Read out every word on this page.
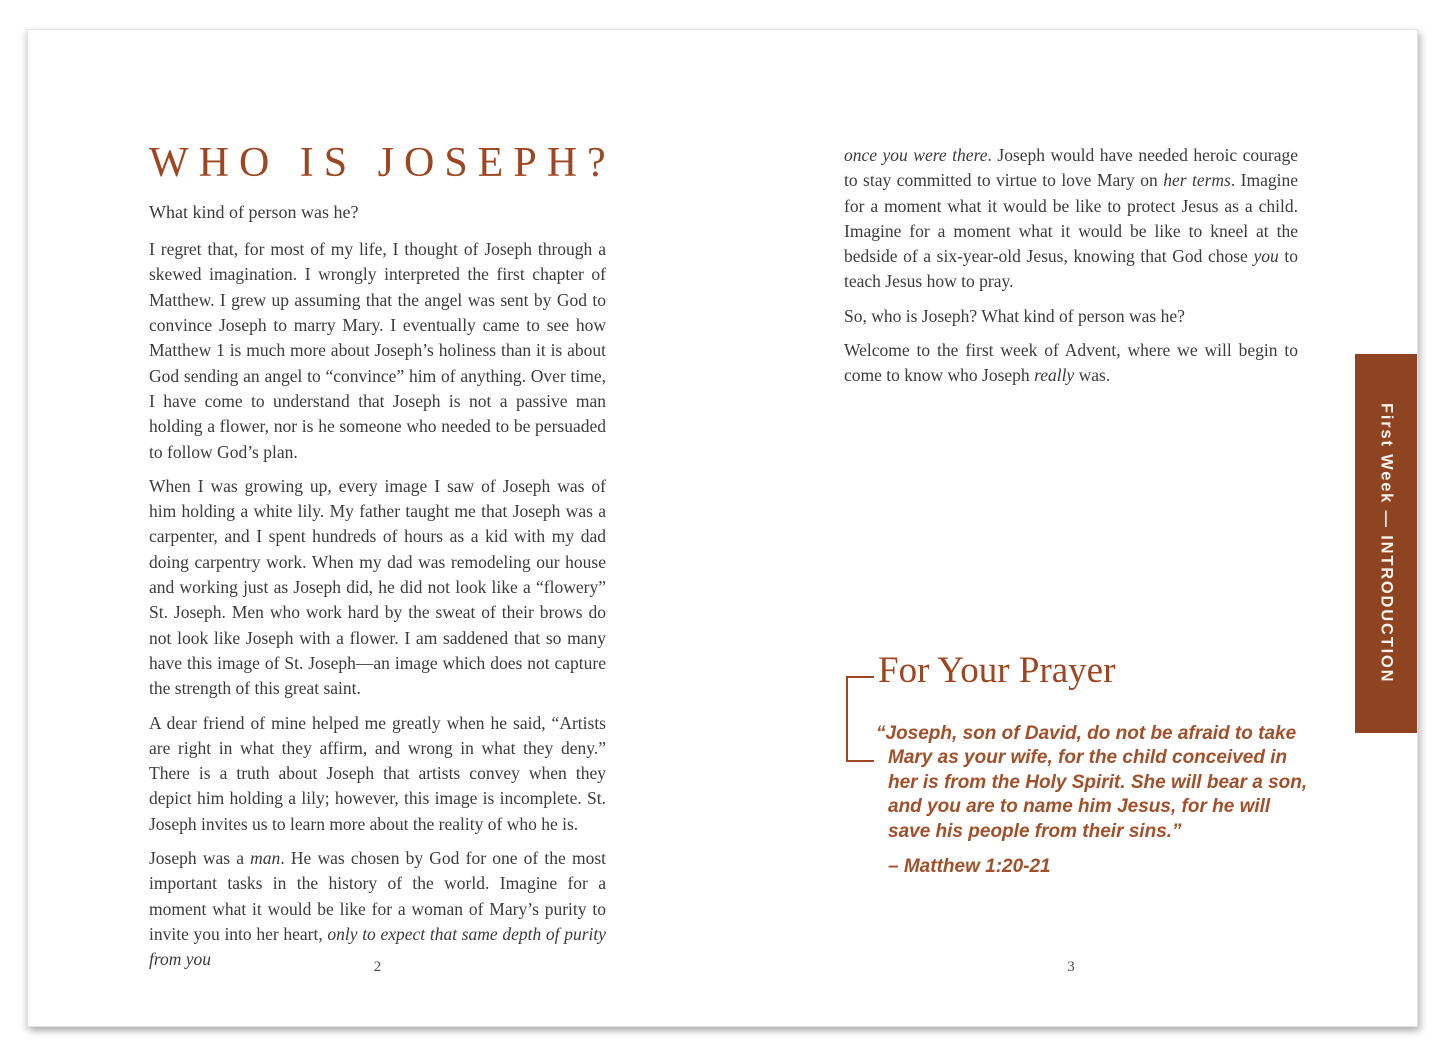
WHO IS JOSEPH?

What kind of person was he?

I regret that, for most of my life, I thought of Joseph through a skewed imagination. I wrongly interpreted the first chapter of Matthew. I grew up assuming that the angel was sent by God to convince Joseph to marry Mary. I eventually came to see how Matthew 1 is much more about Joseph’s holiness than it is about God sending an angel to “convince” him of anything. Over time, I have come to understand that Joseph is not a passive man holding a flower, nor is he someone who needed to be persuaded to follow God’s plan.

When I was growing up, every image I saw of Joseph was of him holding a white lily. My father taught me that Joseph was a carpenter, and I spent hundreds of hours as a kid with my dad doing carpentry work. When my dad was remodeling our house and working just as Joseph did, he did not look like a “flowery” St. Joseph. Men who work hard by the sweat of their brows do not look like Joseph with a flower. I am saddened that so many have this image of St. Joseph—an image which does not capture the strength of this great saint.

A dear friend of mine helped me greatly when he said, “Artists are right in what they affirm, and wrong in what they deny.” There is a truth about Joseph that artists convey when they depict him holding a lily; however, this image is incomplete. St. Joseph invites us to learn more about the reality of who he is.

Joseph was a man. He was chosen by God for one of the most important tasks in the history of the world. Imagine for a moment what it would be like for a woman of Mary’s purity to invite you into her heart, only to expect that same depth of purity from you

once you were there. Joseph would have needed heroic courage to stay committed to virtue to love Mary on her terms. Imagine for a moment what it would be like to protect Jesus as a child. Imagine for a moment what it would be like to kneel at the bedside of a six-year-old Jesus, knowing that God chose you to teach Jesus how to pray.

So, who is Joseph? What kind of person was he?

Welcome to the first week of Advent, where we will begin to come to know who Joseph really was.

For Your Prayer

“Joseph, son of David, do not be afraid to take Mary as your wife, for the child conceived in her is from the Holy Spirit. She will bear a son, and you are to name him Jesus, for he will save his people from their sins.”

– Matthew 1:20-21

First Week — INTRODUCTION
2	3
